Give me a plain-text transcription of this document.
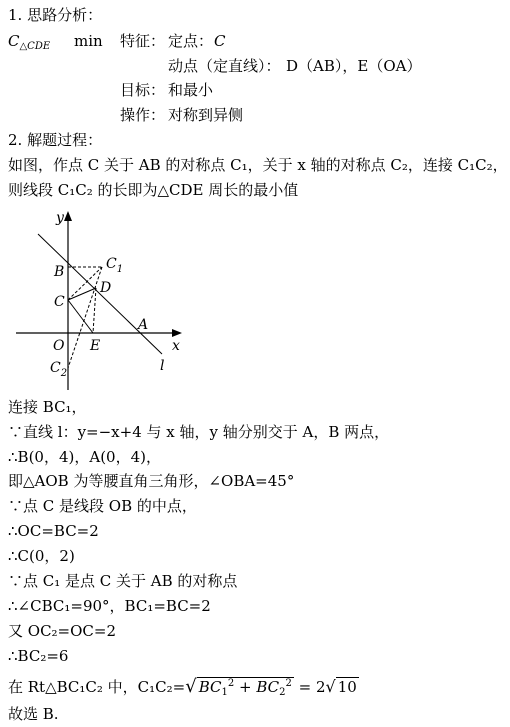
1. 思路分析：
$C_{\triangle CDE}$ min 特征： 定点： C
动点（定直线）： D（AB），E（OA）
目标： 和最小
操作： 对称到异侧
2. 解题过程：
如图，作点 C 关于 AB 的对称点 C₁，关于 x 轴的对称点 C₂，连接 C₁C₂，
则线段 C₁C₂ 的长即为△CDE 周长的最小值
y
x
B	$C_1$
C
D
A
O E
l
$C_2$
连接 BC₁，
∵直线 l：y=−x+4 与 x 轴，y 轴分别交于 A，B 两点，
∴B(0，4)，A(0，4)，
即△AOB 为等腰直角三角形，∠OBA=45°
∵点 C 是线段 OB 的中点，
∴OC=BC=2
∴C(0，2)
∵点 C₁ 是点 C 关于 AB 的对称点
∴∠CBC₁=90°，BC₁=BC=2
又 OC₂=OC=2
∴BC₂=6
在 Rt△BC₁C₂ 中，C₁C₂=√ $BC_1^2 + BC_2^2 = 2√$ 10
故选 B.
